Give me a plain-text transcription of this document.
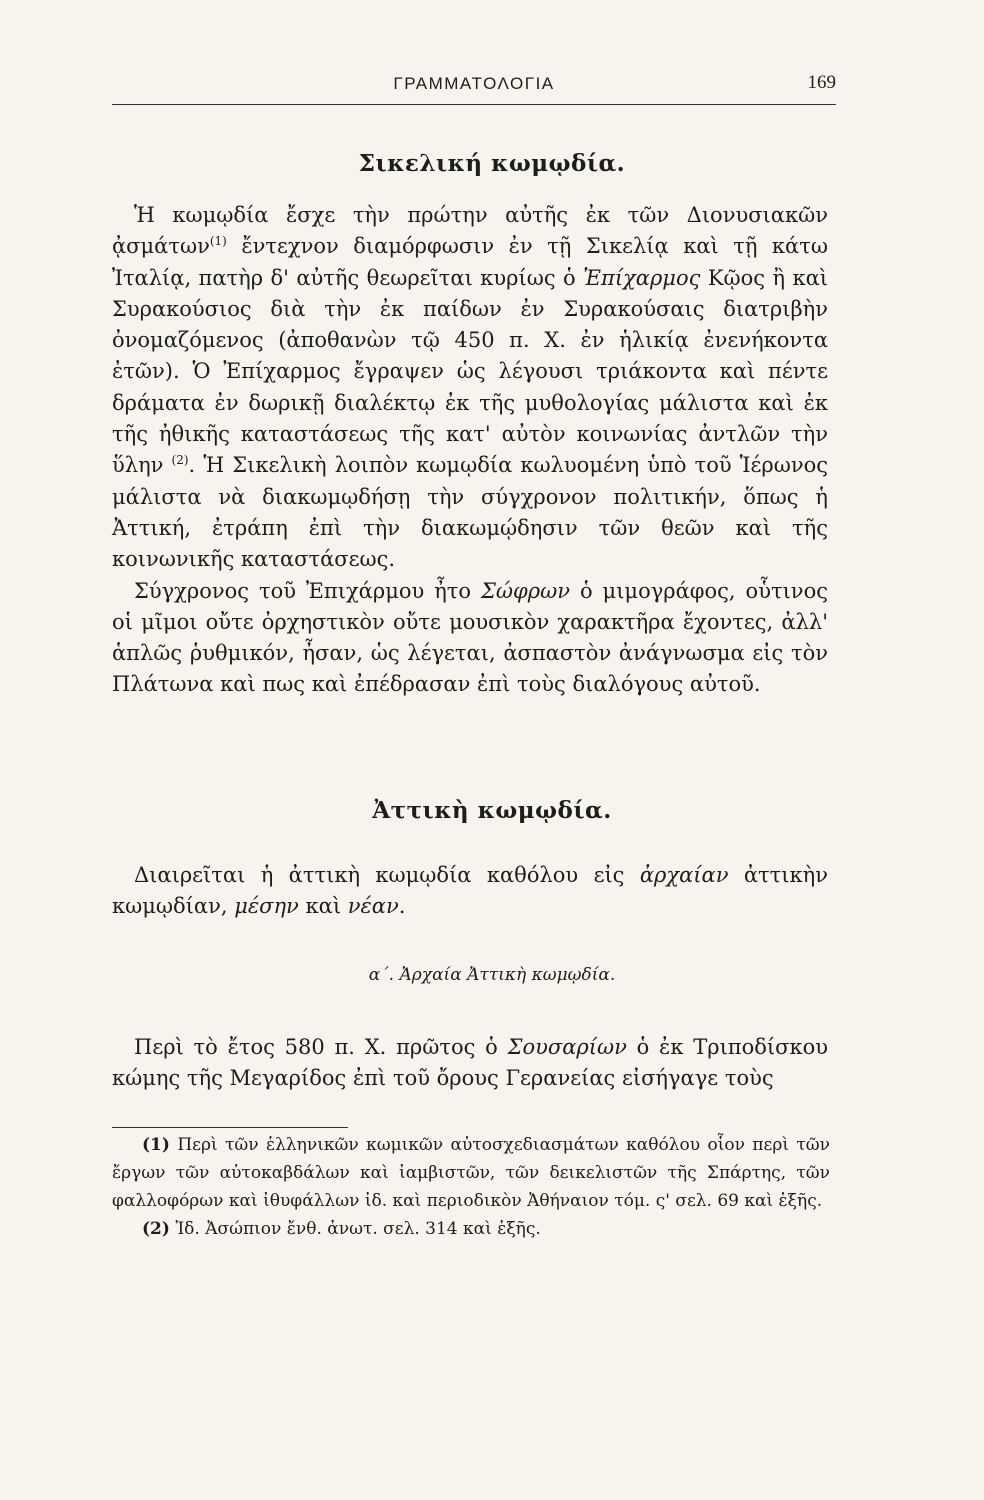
ΓΡΑΜΜΑΤΟΛΟΓΙΑ	169
Σικελική κωμῳδία.

Ἡ κωμῳδία ἔσχε τὴν πρώτην αὐτῆς ἐκ τῶν Διονυσιακῶν ᾀσμάτων$^{(1)}$ ἔντεχνον διαμόρφωσιν ἐν τῇ Σικελίᾳ καὶ τῇ κάτω Ἰταλίᾳ, πατὴρ δ' αὐτῆς θεωρεῖται κυρίως ὁ Ἐπίχαρμος Κῷος ἢ καὶ Συρακούσιος διὰ τὴν ἐκ παίδων ἐν Συρακούσαις διατριβὴν ὀνομαζόμενος (ἀποθανὼν τῷ 450 π. Χ. ἐν ἡλικίᾳ ἐνενήκοντα ἐτῶν). Ὁ Ἐπίχαρμος ἔγραψεν ὡς λέγουσι τριάκοντα καὶ πέντε δράματα ἐν δωρικῇ διαλέκτῳ ἐκ τῆς μυθολογίας μάλιστα καὶ ἐκ τῆς ἠθικῆς καταστάσεως τῆς κατ' αὐτὸν κοινωνίας ἀντλῶν τὴν ὕλην $^{(2)}$. Ἡ Σικελικὴ λοιπὸν κωμῳδία κωλυομένη ὑπὸ τοῦ Ἱέρωνος μάλιστα νὰ διακωμῳδήσῃ τὴν σύγχρονον πολιτικήν, ὅπως ἡ Ἀττική, ἐτράπη ἐπὶ τὴν διακωμῴδησιν τῶν θεῶν καὶ τῆς κοινωνικῆς καταστάσεως.

Σύγχρονος τοῦ Ἐπιχάρμου ἦτο Σώφρων ὁ μιμογράφος, οὗτινος οἱ μῖμοι οὔτε ὀρχηστικὸν οὔτε μουσικὸν χαρακτῆρα ἔχοντες, ἀλλ' ἁπλῶς ῥυθμικόν, ἦσαν, ὡς λέγεται, ἀσπαστὸν ἀνάγνωσμα εἰς τὸν Πλάτωνα καὶ πως καὶ ἐπέδρασαν ἐπὶ τοὺς διαλόγους αὐτοῦ.

Ἀττικὴ κωμῳδία.

Διαιρεῖται ἡ ἀττικὴ κωμῳδία καθόλου εἰς ἀρχαίαν ἀττικὴν κωμῳδίαν, μέσην καὶ νέαν.

α΄. Ἀρχαία Ἀττικὴ κωμῳδία.

Περὶ τὸ ἔτος 580 π. Χ. πρῶτος ὁ Σουσαρίων ὁ ἐκ Τριποδίσκου κώμης τῆς Μεγαρίδος ἐπὶ τοῦ ὄρους Γερανείας εἰσήγαγε τοὺς

(1) Περὶ τῶν ἑλληνικῶν κωμικῶν αὐτοσχεδιασμάτων καθόλου οἷον περὶ τῶν ἔργων τῶν αὐτοκαβδάλων καὶ ἰαμβιστῶν, τῶν δεικελιστῶν τῆς Σπάρτης, τῶν φαλλοφόρων καὶ ἰθυφάλλων ἰδ. καὶ περιοδικὸν Ἀθήναιον τόμ. ς' σελ. 69 καὶ ἑξῆς.

(2) Ἰδ. Ἀσώπιον ἔνθ. ἀνωτ. σελ. 314 καὶ ἑξῆς.
